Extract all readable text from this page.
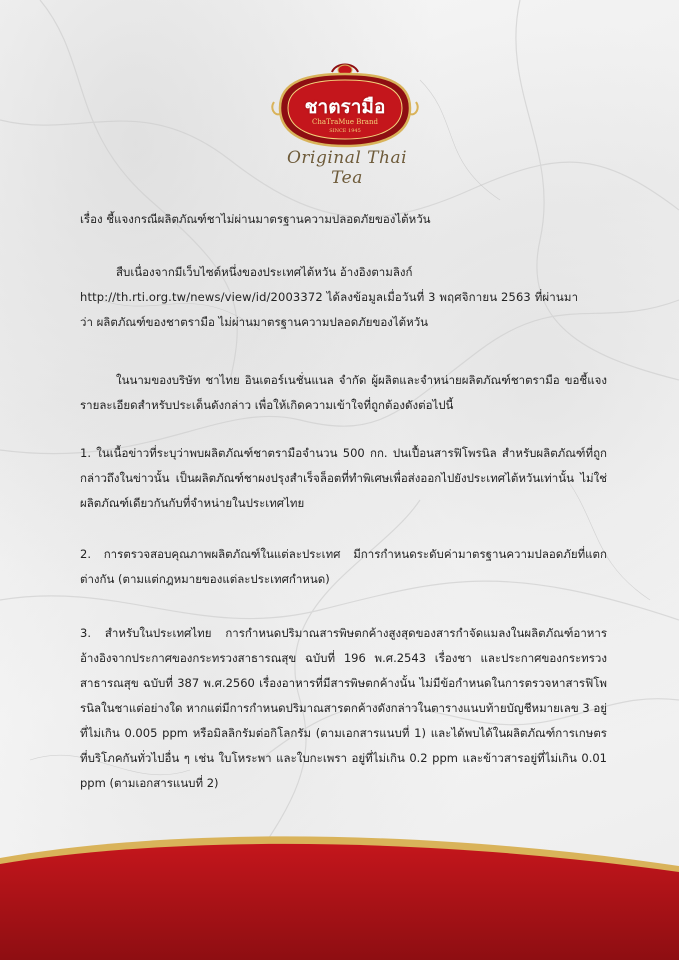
ชาตรามือ
ChaTraMue Brand
SINCE 1945
Original Thai Tea
เรื่อง ชี้แจงกรณีผลิตภัณฑ์ชาไม่ผ่านมาตรฐานความปลอดภัยของไต้หวัน
สืบเนื่องจากมีเว็บไซต์หนึ่งของประเทศไต้หวัน อ้างอิงตามลิงก์
http://th.rti.org.tw/news/view/id/2003372 ได้ลงข้อมูลเมื่อวันที่ 3 พฤศจิกายน 2563 ที่ผ่านมา
ว่า ผลิตภัณฑ์ของชาตรามือ ไม่ผ่านมาตรฐานความปลอดภัยของไต้หวัน
ในนามของบริษัท ชาไทย อินเตอร์เนชั่นแนล จำกัด ผู้ผลิตและจำหน่ายผลิตภัณฑ์ชาตรามือ ขอชี้แจงรายละเอียดสำหรับประเด็นดังกล่าว เพื่อให้เกิดความเข้าใจที่ถูกต้องดังต่อไปนี้
1. ในเนื้อข่าวที่ระบุว่าพบผลิตภัณฑ์ชาตรามือจำนวน 500 กก. ปนเปื้อนสารฟิโพรนิล สำหรับผลิตภัณฑ์ที่ถูกกล่าวถึงในข่าวนั้น เป็นผลิตภัณฑ์ชาผงปรุงสำเร็จล็อตที่ทำพิเศษเพื่อส่งออกไปยังประเทศไต้หวันเท่านั้น ไม่ใช่ผลิตภัณฑ์เดียวกันกับที่จำหน่ายในประเทศไทย
2. การตรวจสอบคุณภาพผลิตภัณฑ์ในแต่ละประเทศ มีการกำหนดระดับค่ามาตรฐานความปลอดภัยที่แตกต่างกัน (ตามแต่กฎหมายของแต่ละประเทศกำหนด)
3. สำหรับในประเทศไทย การกำหนดปริมาณสารพิษตกค้างสูงสุดของสารกำจัดแมลงในผลิตภัณฑ์อาหาร อ้างอิงจากประกาศของกระทรวงสาธารณสุข ฉบับที่ 196 พ.ศ.2543 เรื่องชา และประกาศของกระทรวงสาธารณสุข ฉบับที่ 387 พ.ศ.2560 เรื่องอาหารที่มีสารพิษตกค้างนั้น ไม่มีข้อกำหนดในการตรวจหาสารฟิโพรนิลในชาแต่อย่างใด หากแต่มีการกำหนดปริมาณสารตกค้างดังกล่าวในตารางแนบท้ายบัญชีหมายเลข 3 อยู่ที่ไม่เกิน 0.005 ppm หรือมิลลิกรัมต่อกิโลกรัม (ตามเอกสารแนบที่ 1) และได้พบได้ในผลิตภัณฑ์การเกษตรที่บริโภคกันทั่วไปอื่น ๆ เช่น ใบโหระพา และใบกะเพรา อยู่ที่ไม่เกิน 0.2 ppm และข้าวสารอยู่ที่ไม่เกิน 0.01 ppm (ตามเอกสารแนบที่ 2)
